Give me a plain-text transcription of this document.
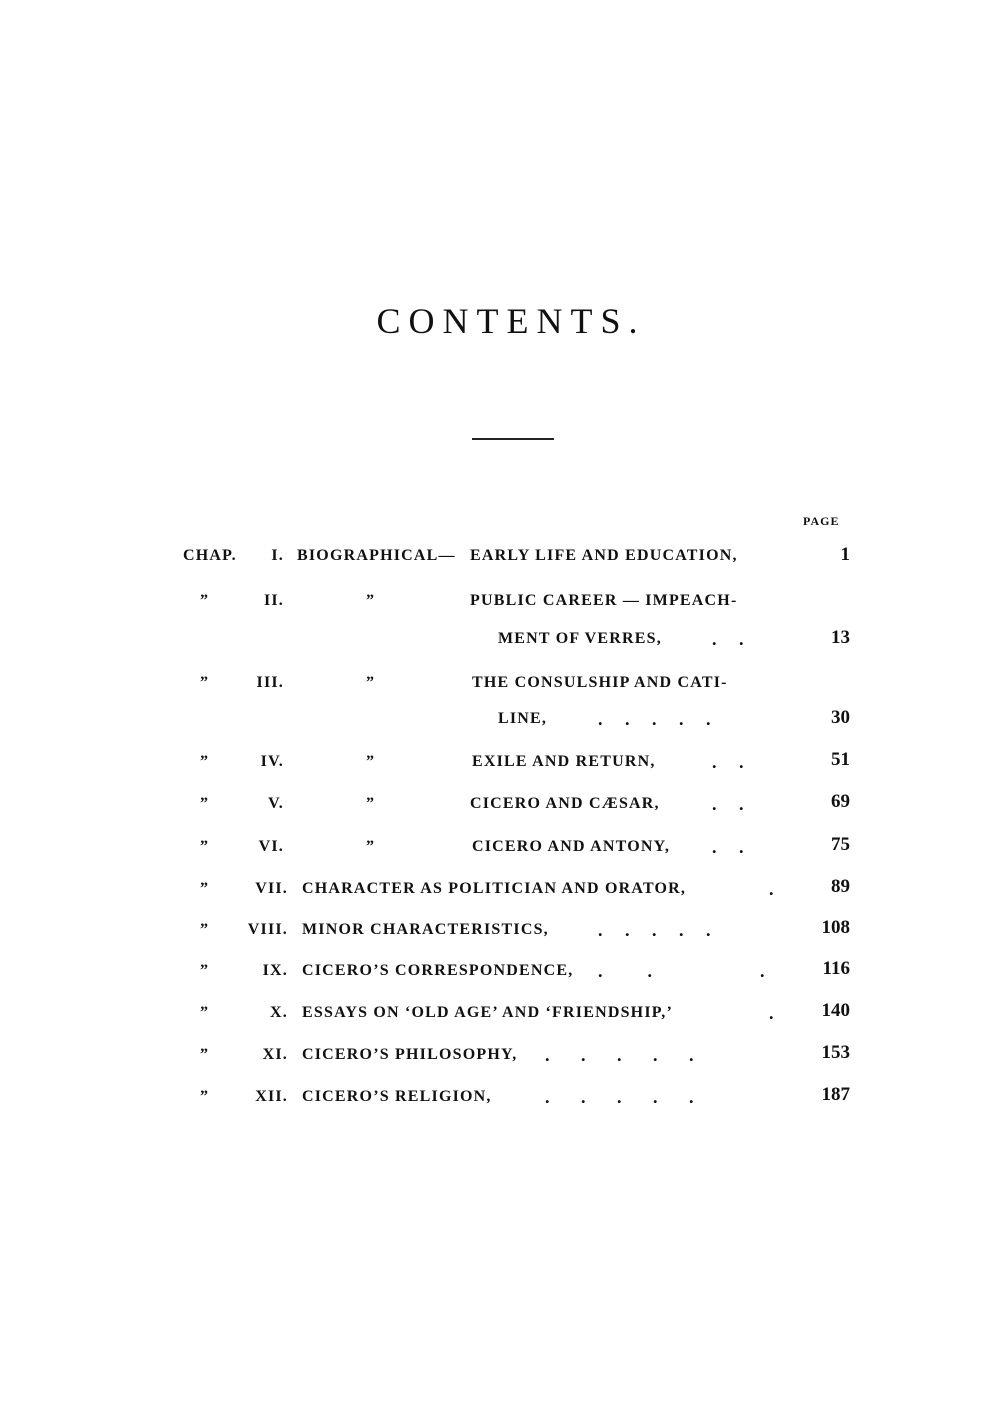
CONTENTS.
PAGE
CHAP.	I. BIOGRAPHICAL— EARLY LIFE AND EDUCATION,	1
”	II.	”	PUBLIC CAREER — IMPEACH-
MENT OF VERRES,	.     .	13
”	III.	”	THE CONSULSHIP AND CATI-
LINE,	.     .     .     .     .	30
”	IV.	”	EXILE AND RETURN,	.     .	51
”	V.	”	CICERO AND CÆSAR,	.     .	69
”	VI.	”	CICERO AND ANTONY, .     .	75
”	VII. CHARACTER AS POLITICIAN AND ORATOR,	.	89
”	VIII. MINOR CHARACTERISTICS,	.     .     .     .     .	108
”	IX. CICERO’S CORRESPONDENCE, .          .                        .	116
”	X. ESSAYS ON ‘OLD AGE’ AND ‘FRIENDSHIP,’	.	140
”	XI. CICERO’S PHILOSOPHY, .       .       .       .       .	153
”	XII. CICERO’S RELIGION,	.       .       .       .       .	187
